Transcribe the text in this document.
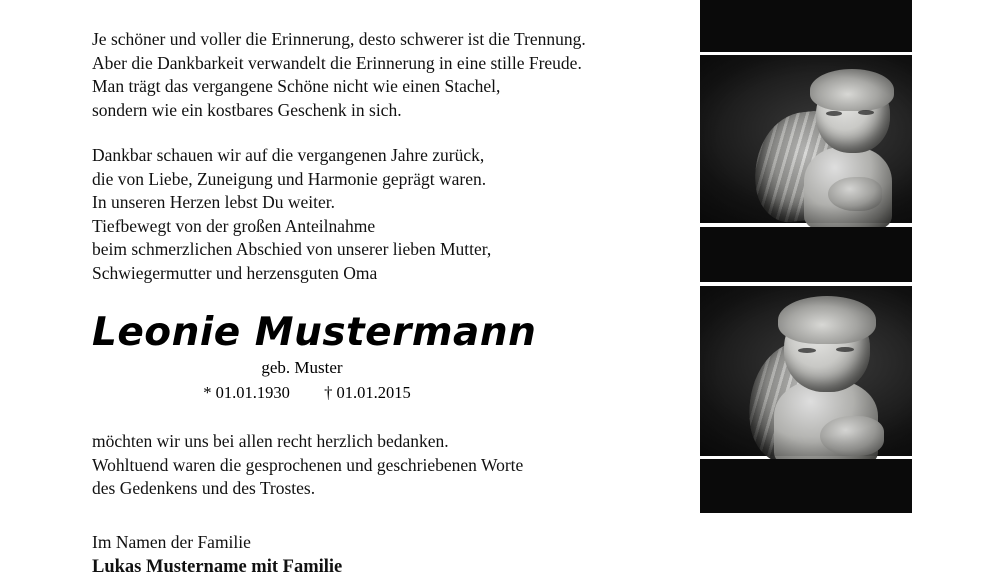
Je schöner und voller die Erinnerung, desto schwerer ist die Trennung.
Aber die Dankbarkeit verwandelt die Erinnerung in eine stille Freude.
Man trägt das vergangene Schöne nicht wie einen Stachel,
sondern wie ein kostbares Geschenk in sich.
Dankbar schauen wir auf die vergangenen Jahre zurück,
die von Liebe, Zuneigung und Harmonie geprägt waren.
In unseren Herzen lebst Du weiter.
Tiefbewegt von der großen Anteilnahme
beim schmerzlichen Abschied von unserer lieben Mutter,
Schwiegermutter und herzensguten Oma
Leonie Mustermann
geb. Muster
* 01.01.1930 † 01.01.2015
möchten wir uns bei allen recht herzlich bedanken.
Wohltuend waren die gesprochenen und geschriebenen Worte
des Gedenkens und des Trostes.
Im Namen der Familie
Lukas Mustername mit Familie
